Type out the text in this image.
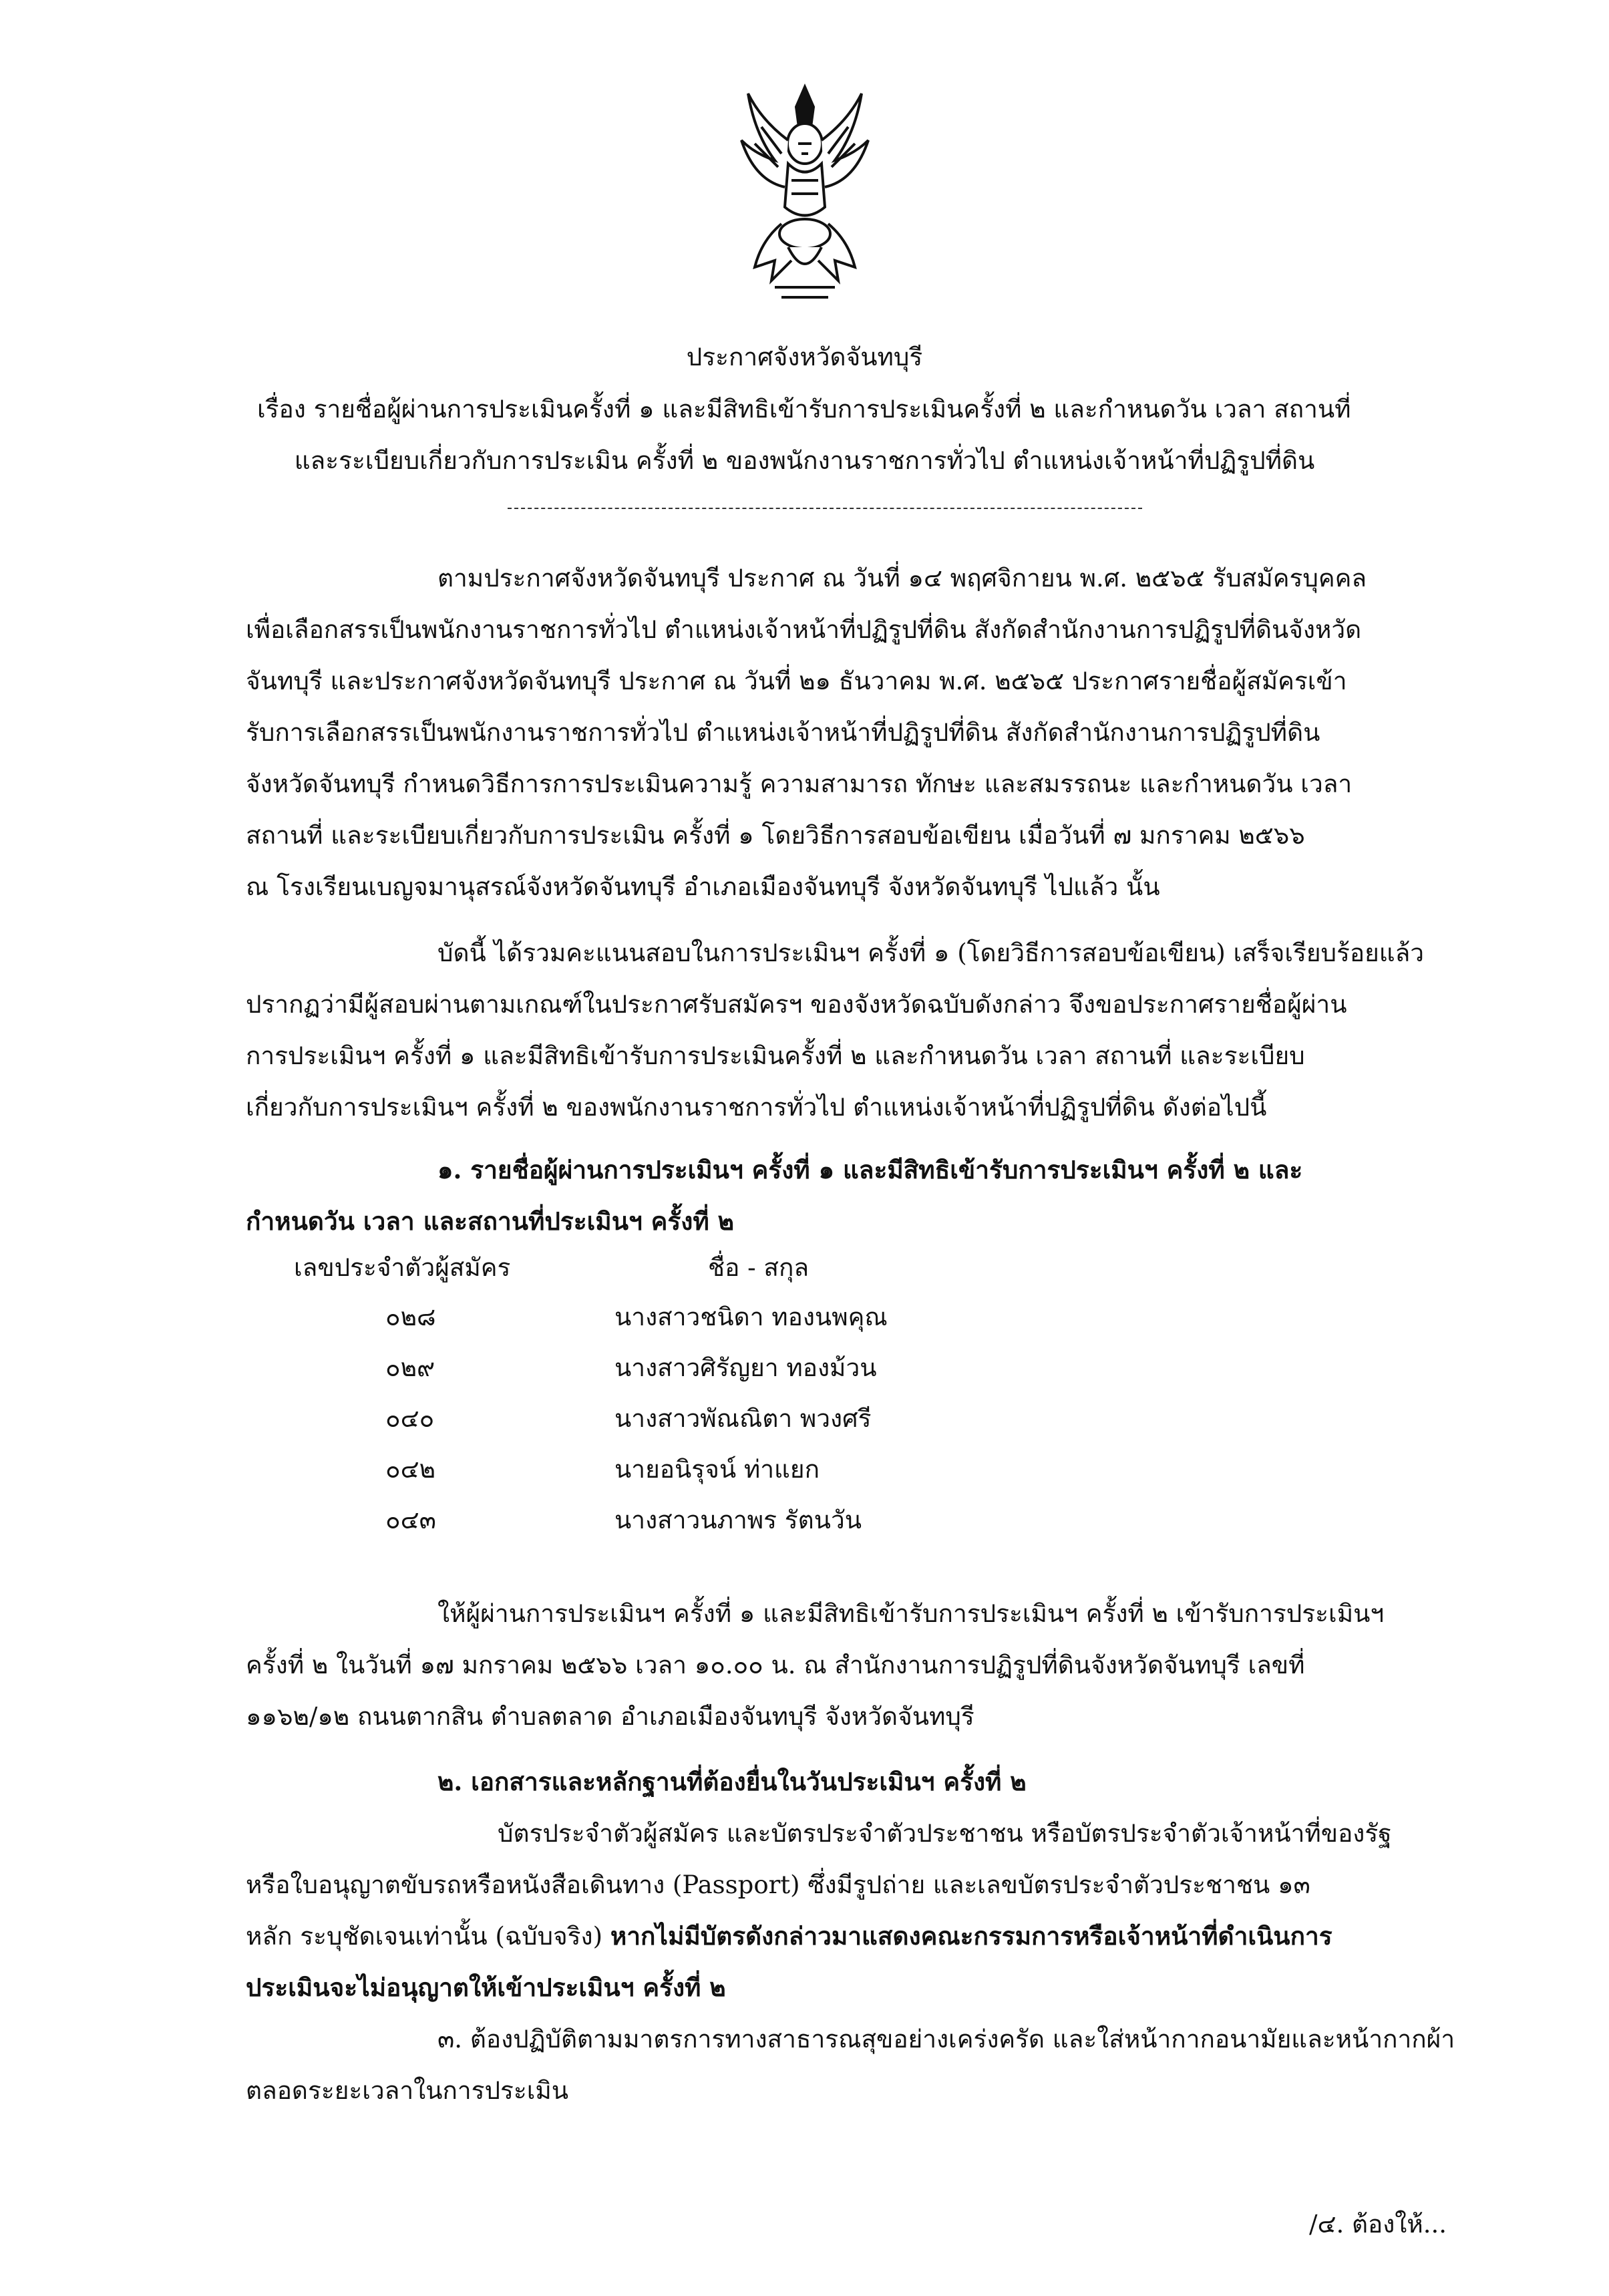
ประกาศจังหวัดจันทบุรี
เรื่อง รายชื่อผู้ผ่านการประเมินครั้งที่ ๑ และมีสิทธิเข้ารับการประเมินครั้งที่ ๒ และกำหนดวัน เวลา สถานที่
และระเบียบเกี่ยวกับการประเมิน ครั้งที่ ๒ ของพนักงานราชการทั่วไป ตำแหน่งเจ้าหน้าที่ปฏิรูปที่ดิน
ตามประกาศจังหวัดจันทบุรี ประกาศ ณ วันที่ ๑๔ พฤศจิกายน พ.ศ. ๒๕๖๕ รับสมัครบุคคล
เพื่อเลือกสรรเป็นพนักงานราชการทั่วไป ตำแหน่งเจ้าหน้าที่ปฏิรูปที่ดิน สังกัดสำนักงานการปฏิรูปที่ดินจังหวัด
จันทบุรี และประกาศจังหวัดจันทบุรี ประกาศ ณ วันที่ ๒๑ ธันวาคม พ.ศ. ๒๕๖๕ ประกาศรายชื่อผู้สมัครเข้า
รับการเลือกสรรเป็นพนักงานราชการทั่วไป ตำแหน่งเจ้าหน้าที่ปฏิรูปที่ดิน สังกัดสำนักงานการปฏิรูปที่ดิน
จังหวัดจันทบุรี กำหนดวิธีการการประเมินความรู้ ความสามารถ ทักษะ และสมรรถนะ และกำหนดวัน เวลา
สถานที่ และระเบียบเกี่ยวกับการประเมิน ครั้งที่ ๑ โดยวิธีการสอบข้อเขียน เมื่อวันที่ ๗ มกราคม ๒๕๖๖
ณ โรงเรียนเบญจมานุสรณ์จังหวัดจันทบุรี อำเภอเมืองจันทบุรี จังหวัดจันทบุรี ไปแล้ว นั้น
บัดนี้ ได้รวมคะแนนสอบในการประเมินฯ ครั้งที่ ๑ (โดยวิธีการสอบข้อเขียน) เสร็จเรียบร้อยแล้ว
ปรากฏว่ามีผู้สอบผ่านตามเกณฑ์ในประกาศรับสมัครฯ ของจังหวัดฉบับดังกล่าว จึงขอประกาศรายชื่อผู้ผ่าน
การประเมินฯ ครั้งที่ ๑ และมีสิทธิเข้ารับการประเมินครั้งที่ ๒ และกำหนดวัน เวลา สถานที่ และระเบียบ
เกี่ยวกับการประเมินฯ ครั้งที่ ๒ ของพนักงานราชการทั่วไป ตำแหน่งเจ้าหน้าที่ปฏิรูปที่ดิน ดังต่อไปนี้
๑. รายชื่อผู้ผ่านการประเมินฯ ครั้งที่ ๑ และมีสิทธิเข้ารับการประเมินฯ ครั้งที่ ๒ และ
กำหนดวัน เวลา และสถานที่ประเมินฯ ครั้งที่ ๒
เลขประจำตัวผู้สมัคร	ชื่อ - สกุล
๐๒๘	นางสาวชนิดา ทองนพคุณ
๐๒๙	นางสาวศิรัญยา ทองม้วน
๐๔๐	นางสาวพัณณิตา พวงศรี
๐๔๒	นายอนิรุจน์ ท่าแยก
๐๔๓	นางสาวนภาพร รัตนวัน
ให้ผู้ผ่านการประเมินฯ ครั้งที่ ๑ และมีสิทธิเข้ารับการประเมินฯ ครั้งที่ ๒ เข้ารับการประเมินฯ
ครั้งที่ ๒ ในวันที่ ๑๗ มกราคม ๒๕๖๖ เวลา ๑๐.๐๐ น. ณ สำนักงานการปฏิรูปที่ดินจังหวัดจันทบุรี เลขที่
๑๑๖๒/๑๒ ถนนตากสิน ตำบลตลาด อำเภอเมืองจันทบุรี จังหวัดจันทบุรี
๒. เอกสารและหลักฐานที่ต้องยื่นในวันประเมินฯ ครั้งที่ ๒
บัตรประจำตัวผู้สมัคร และบัตรประจำตัวประชาชน หรือบัตรประจำตัวเจ้าหน้าที่ของรัฐ
หรือใบอนุญาตขับรถหรือหนังสือเดินทาง (Passport) ซึ่งมีรูปถ่าย และเลขบัตรประจำตัวประชาชน ๑๓
หลัก ระบุชัดเจนเท่านั้น (ฉบับจริง) หากไม่มีบัตรดังกล่าวมาแสดงคณะกรรมการหรือเจ้าหน้าที่ดำเนินการ
ประเมินจะไม่อนุญาตให้เข้าประเมินฯ ครั้งที่ ๒
๓. ต้องปฏิบัติตามมาตรการทางสาธารณสุขอย่างเคร่งครัด และใส่หน้ากากอนามัยและหน้ากากผ้า
ตลอดระยะเวลาในการประเมิน
/๔. ต้องให้...
